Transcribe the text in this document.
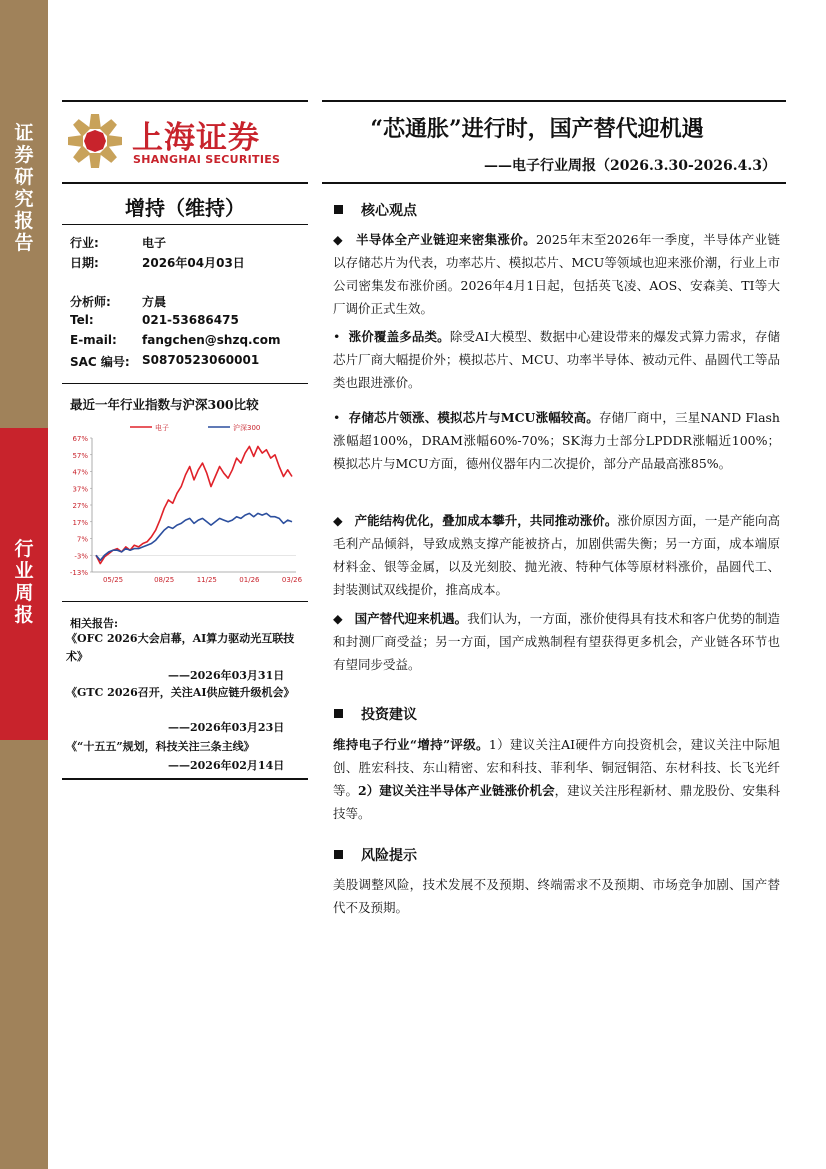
证
券
研
究
报
告
行
业
周
报
上海证券
SHANGHAI SECURITIES
“芯通胀”进行时，国产替代迎机遇
——电子行业周报（2026.3.30-2026.4.3）
增持（维持）
行业:	电子
日期:	2026年04月03日
分析师:	方晨
Tel:	021-53686475
E-mail:	fangchen@shzq.com
SAC 编号:	S0870523060001
最近一年行业指数与沪深300比较
67%
57%
47%
37%
27%
17%
7%
-3%
-13%
05/25	08/25	11/25	01/26	03/26
电子	沪深300
相关报告:
《OFC 2026大会启幕，AI算力驱动光互联技术》
——2026年03月31日
《GTC 2026召开，关注AI供应链升级机会》
——2026年03月23日
《“十五五”规划，科技关注三条主线》
——2026年02月14日
核心观点
◆   半导体全产业链迎来密集涨价。2025年末至2026年一季度，半导体产业链以存储芯片为代表，功率芯片、模拟芯片、MCU等领域也迎来涨价潮，行业上市公司密集发布涨价函。2026年4月1日起，包括英飞凌、AOS、安森美、TI等大厂调价正式生效。
•  涨价覆盖多品类。除受AI大模型、数据中心建设带来的爆发式算力需求，存储芯片厂商大幅提价外；模拟芯片、MCU、功率半导体、被动元件、晶圆代工等品类也跟进涨价。
•  存储芯片领涨、模拟芯片与MCU涨幅较高。存储厂商中，三星NAND Flash涨幅超100%，DRAM涨幅60%-70%；SK海力士部分LPDDR涨幅近100%；模拟芯片与MCU方面，德州仪器年内二次提价，部分产品最高涨85%。
◆   产能结构优化，叠加成本攀升，共同推动涨价。涨价原因方面，一是产能向高毛利产品倾斜，导致成熟支撑产能被挤占，加剧供需失衡；另一方面，成本端原材料金、银等金属，以及光刻胶、抛光液、特种气体等原材料涨价，晶圆代工、封装测试双线提价，推高成本。
◆   国产替代迎来机遇。我们认为，一方面，涨价使得具有技术和客户优势的制造和封测厂商受益；另一方面，国产成熟制程有望获得更多机会，产业链各环节也有望同步受益。
投资建议
维持电子行业“增持”评级。1）建议关注AI硬件方向投资机会，建议关注中际旭创、胜宏科技、东山精密、宏和科技、菲利华、铜冠铜箔、东材科技、长飞光纤等。2）建议关注半导体产业链涨价机会，建议关注彤程新材、鼎龙股份、安集科技等。
风险提示
美股调整风险，技术发展不及预期、终端需求不及预期、市场竞争加剧、国产替代不及预期。
